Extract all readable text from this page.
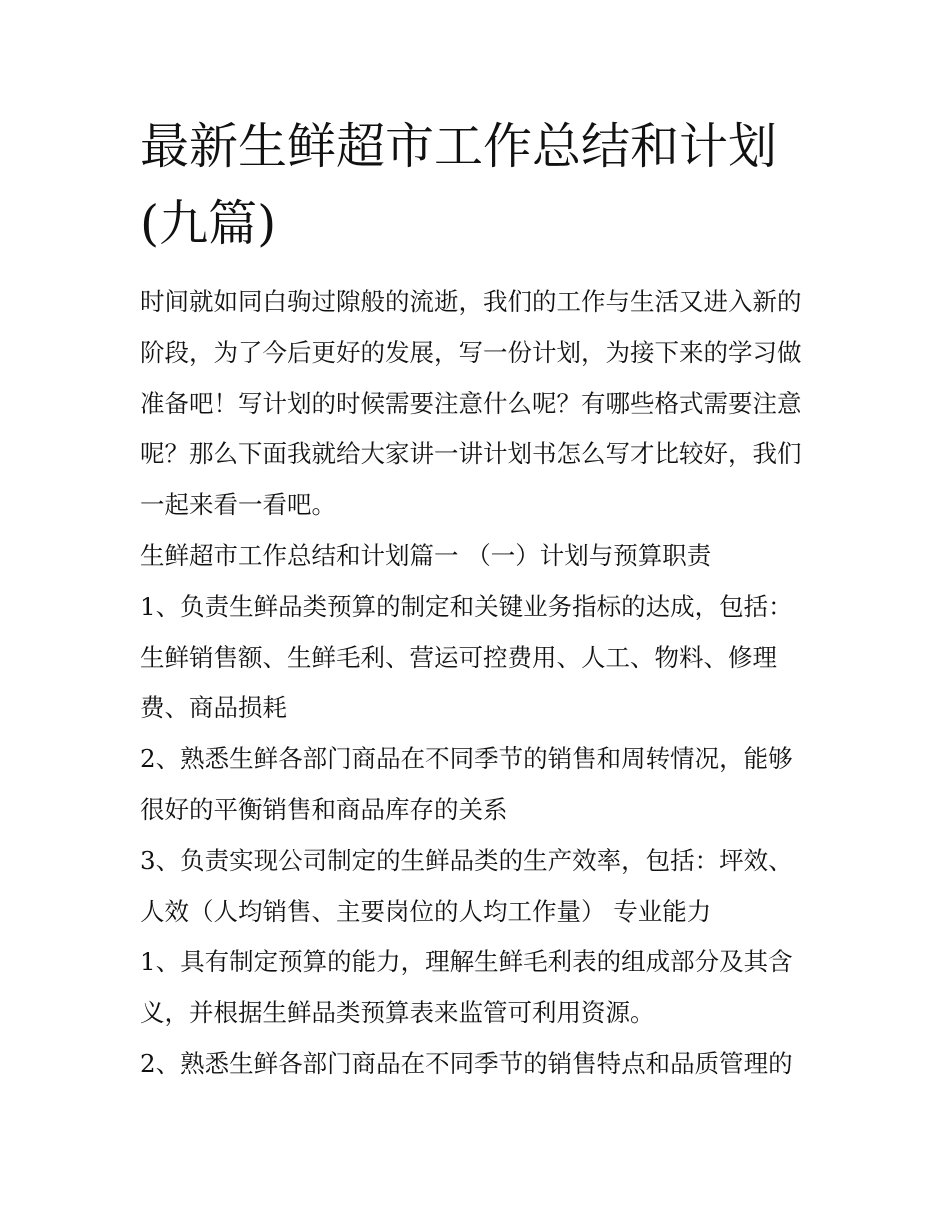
最新生鲜超市工作总结和计划
(九篇)
时间就如同白驹过隙般的流逝，我们的工作与生活又进入新的
阶段，为了今后更好的发展，写一份计划，为接下来的学习做
准备吧！写计划的时候需要注意什么呢？有哪些格式需要注意
呢？那么下面我就给大家讲一讲计划书怎么写才比较好，我们
一起来看一看吧。
生鲜超市工作总结和计划篇一 （一）计划与预算职责
1、负责生鲜品类预算的制定和关键业务指标的达成，包括：
生鲜销售额、生鲜毛利、营运可控费用、人工、物料、修理
费、商品损耗
2、熟悉生鲜各部门商品在不同季节的销售和周转情况，能够
很好的平衡销售和商品库存的关系
3、负责实现公司制定的生鲜品类的生产效率，包括：坪效、
人效（人均销售、主要岗位的人均工作量） 专业能力
1、具有制定预算的能力，理解生鲜毛利表的组成部分及其含
义，并根据生鲜品类预算表来监管可利用资源。
2、熟悉生鲜各部门商品在不同季节的销售特点和品质管理的
